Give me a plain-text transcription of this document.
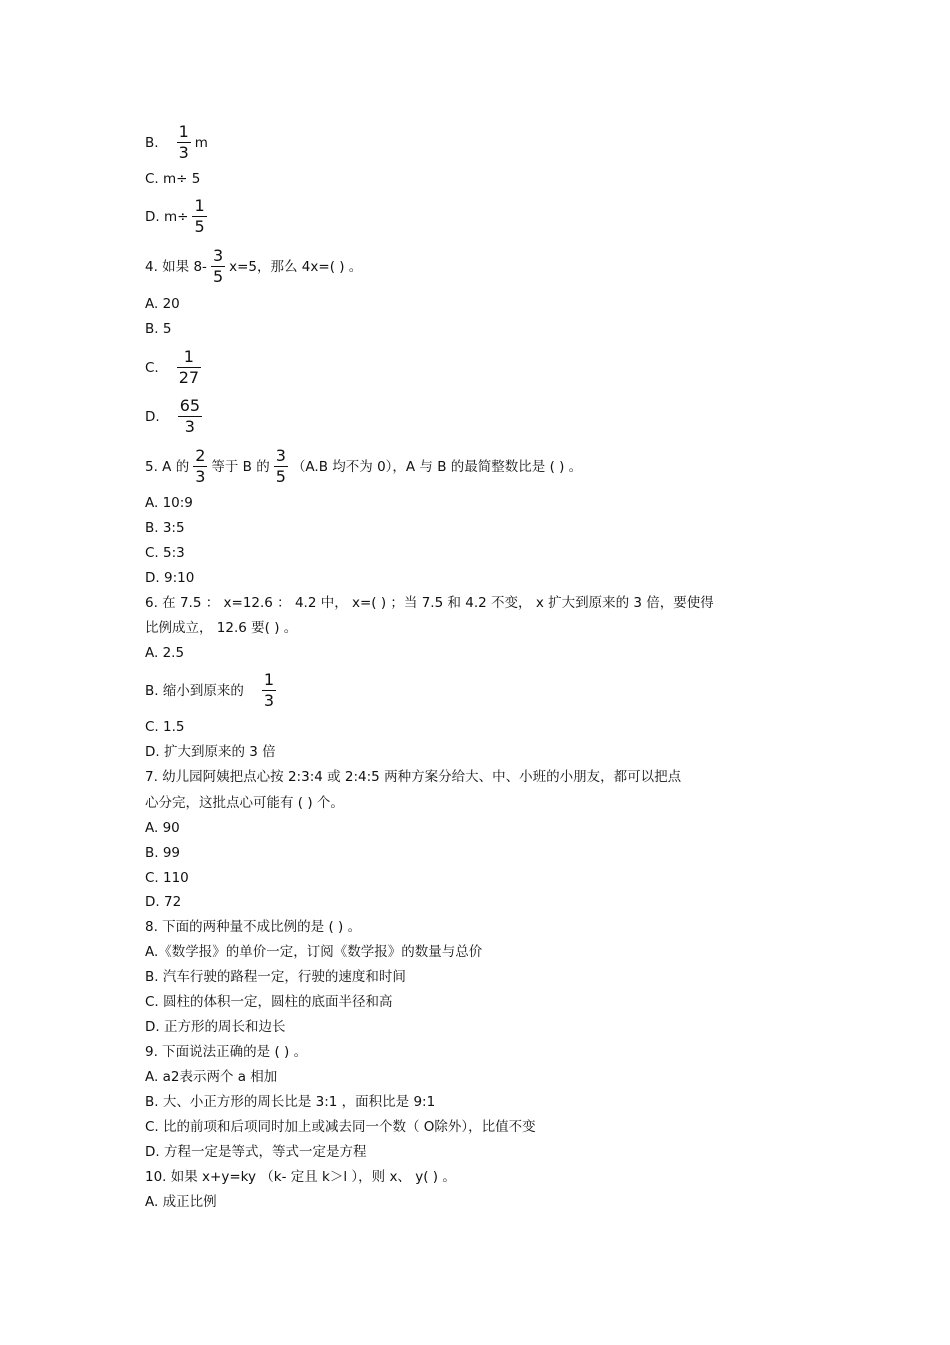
B. $\frac{1}{3}$ m
C. m÷ 5
D. $m\div \frac{1}{5}$
4. 如果 $8- \frac{3}{5} x=5$，那么 4x=( ) 。
A. 20
B. 5
C. $\frac{1}{27}$
D. $\frac{65}{3}$
5. A 的 $\frac{2}{3}$ 等于 B 的 $\frac{3}{5} (A.B$ 均不为 0），A 与 B 的最简整数比是 ( ) 。
A. 10:9
B. 3:5
C. 5:3
D. 9:10
6. 在 7.5 ： x=12.6 ： 4.2 中， x=( ) ；当 7.5 和 4.2 不变， x 扩大到原来的 3 倍，要使得
比例成立， 12.6 要( ) 。
A. 2.5
B. 缩小到原来的 $\frac{1}{3}$
C. 1.5
D. 扩大到原来的 3 倍
7. 幼儿园阿姨把点心按 2:3:4 或 2:4:5 两种方案分给大、中、小班的小朋友，都可以把点
心分完，这批点心可能有 ( ) 个。
A. 90
B. 99
C. 110
D. 72
8. 下面的两种量不成比例的是 ( ) 。
A.《数学报》的单价一定，订阅《数学报》的数量与总价
B. 汽车行驶的路程一定，行驶的速度和时间
C. 圆柱的体积一定，圆柱的底面半径和高
D. 正方形的周长和边长
9. 下面说法正确的是 ( ) 。
A. a2表示两个 a 相加
B. 大、小正方形的周长比是 3:1 ，面积比是 9:1
C. 比的前项和后项同时加上或减去同一个数（ O除外），比值不变
D. 方程一定是等式，等式一定是方程
10. 如果 x+y=ky （k- 定且 k＞l ），则 x、 y( ) 。
A. 成正比例
